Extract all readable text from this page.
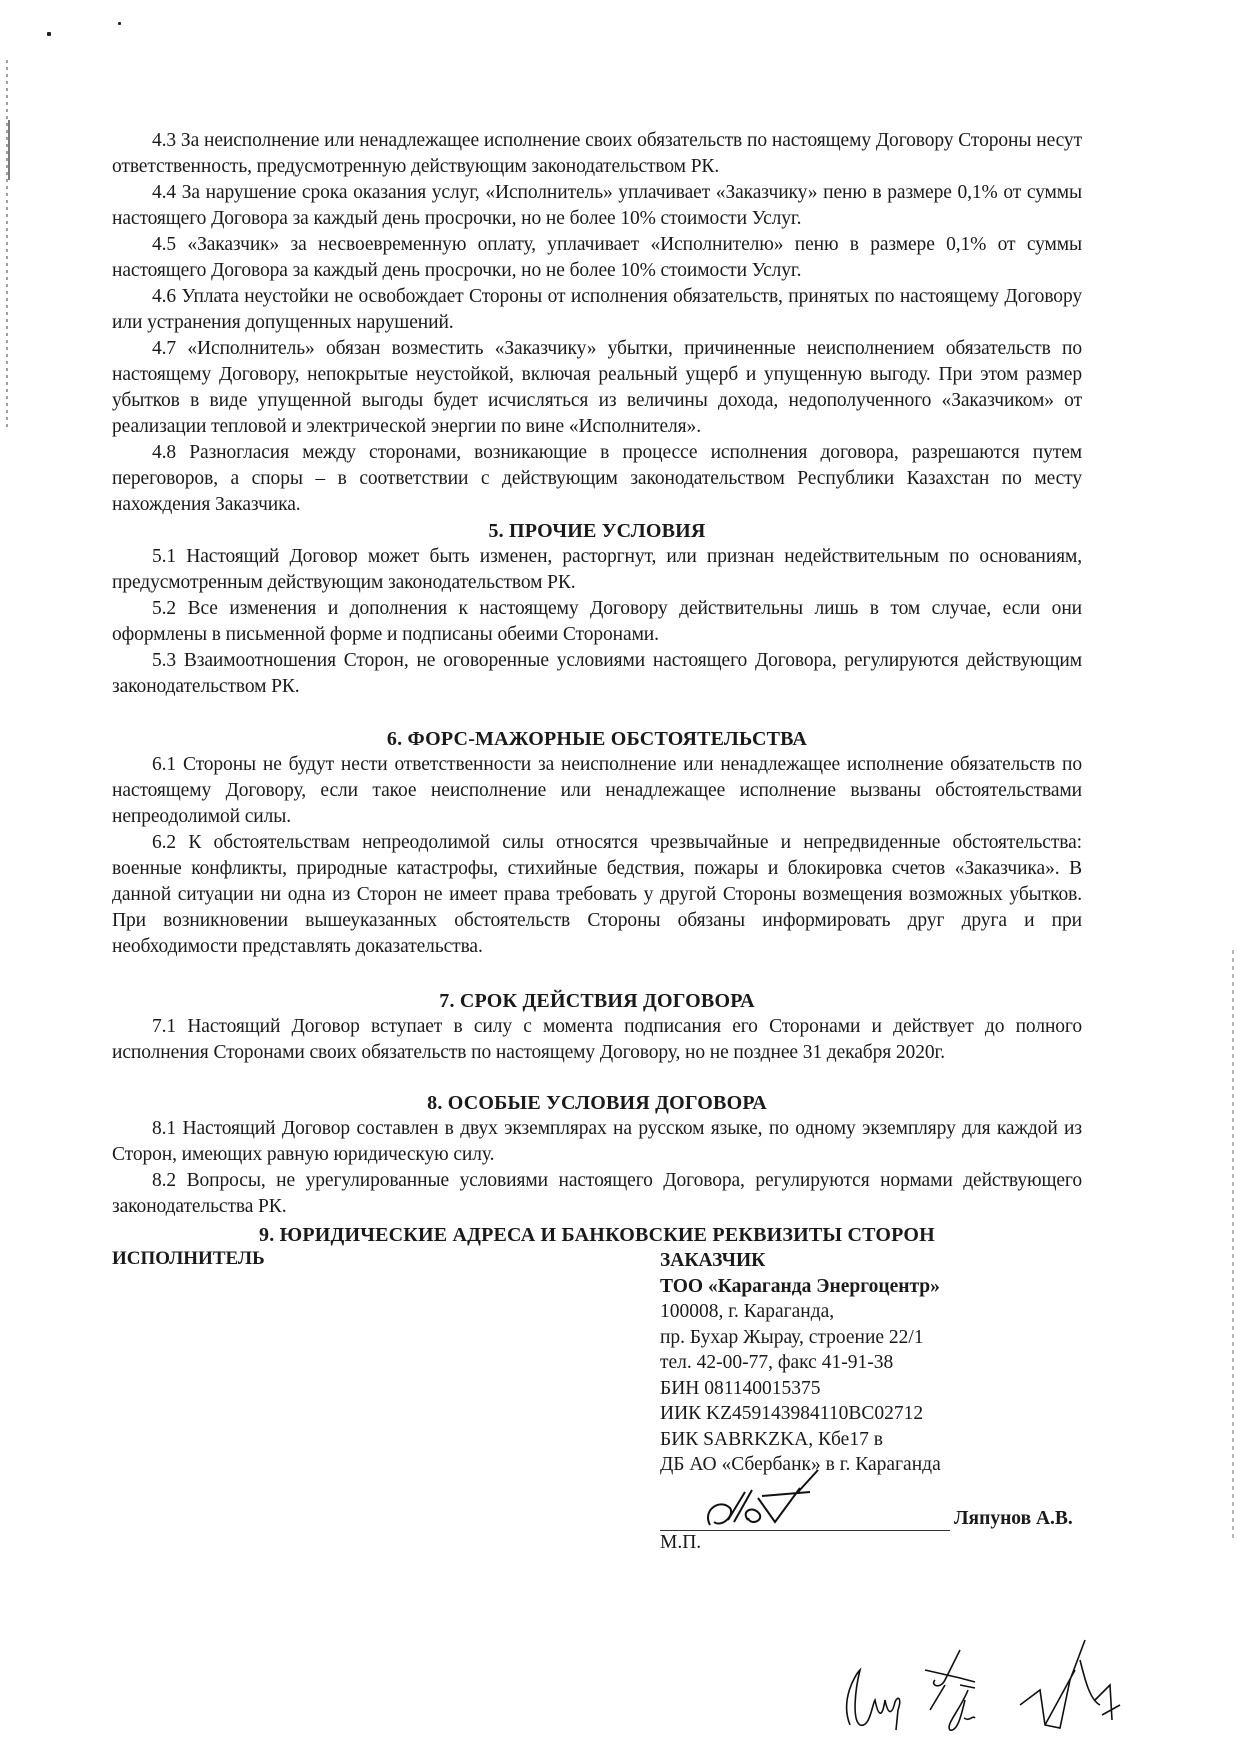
4.3 За неисполнение или ненадлежащее исполнение своих обязательств по настоящему Договору Стороны несут ответственность, предусмотренную действующим законодательством РК.

4.4 За нарушение срока оказания услуг, «Исполнитель» уплачивает «Заказчику» пеню в размере 0,1% от суммы настоящего Договора за каждый день просрочки, но не более 10% стоимости Услуг.

4.5 «Заказчик» за несвоевременную оплату, уплачивает «Исполнителю» пеню в размере 0,1% от суммы настоящего Договора за каждый день просрочки, но не более 10% стоимости Услуг.

4.6 Уплата неустойки не освобождает Стороны от исполнения обязательств, принятых по настоящему Договору или устранения допущенных нарушений.

4.7 «Исполнитель» обязан возместить «Заказчику» убытки, причиненные неисполнением обязательств по настоящему Договору, непокрытые неустойкой, включая реальный ущерб и упущенную выгоду. При этом размер убытков в виде упущенной выгоды будет исчисляться из величины дохода, недополученного «Заказчиком» от реализации тепловой и электрической энергии по вине «Исполнителя».

4.8 Разногласия между сторонами, возникающие в процессе исполнения договора, разрешаются путем переговоров, а споры – в соответствии с действующим законодательством Республики Казахстан по месту нахождения Заказчика.

5. ПРОЧИЕ УСЛОВИЯ

5.1 Настоящий Договор может быть изменен, расторгнут, или признан недействительным по основаниям, предусмотренным действующим законодательством РК.

5.2 Все изменения и дополнения к настоящему Договору действительны лишь в том случае, если они оформлены в письменной форме и подписаны обеими Сторонами.

5.3 Взаимоотношения Сторон, не оговоренные условиями настоящего Договора, регулируются действующим законодательством РК.

6. ФОРС-МАЖОРНЫЕ ОБСТОЯТЕЛЬСТВА

6.1 Стороны не будут нести ответственности за неисполнение или ненадлежащее исполнение обязательств по настоящему Договору, если такое неисполнение или ненадлежащее исполнение вызваны обстоятельствами непреодолимой силы.

6.2 К обстоятельствам непреодолимой силы относятся чрезвычайные и непредвиденные обстоятельства: военные конфликты, природные катастрофы, стихийные бедствия, пожары и блокировка счетов «Заказчика». В данной ситуации ни одна из Сторон не имеет права требовать у другой Стороны возмещения возможных убытков. При возникновении вышеуказанных обстоятельств Стороны обязаны информировать друг друга и при необходимости представлять доказательства.

7. СРОК ДЕЙСТВИЯ ДОГОВОРА

7.1 Настоящий Договор вступает в силу с момента подписания его Сторонами и действует до полного исполнения Сторонами своих обязательств по настоящему Договору, но не позднее 31 декабря 2020г.

8. ОСОБЫЕ УСЛОВИЯ ДОГОВОРА

8.1 Настоящий Договор составлен в двух экземплярах на русском языке, по одному экземпляру для каждой из Сторон, имеющих равную юридическую силу.

8.2 Вопросы, не урегулированные условиями настоящего Договора, регулируются нормами действующего законодательства РК.

9. ЮРИДИЧЕСКИЕ АДРЕСА И БАНКОВСКИЕ РЕКВИЗИТЫ СТОРОН
ИСПОЛНИТЕЛЬ	ЗАКАЗЧИК
ТОО «Караганда Энергоцентр»
100008, г. Караганда,
пр. Бухар Жырау, строение 22/1
тел. 42-00-77, факс 41-91-38
БИН 081140015375
ИИК KZ459143984110BC02712
БИК SABRKZKA, Кбе17 в
ДБ АО «Сбербанк» в г. Караганда
Ляпунов А.В.
М.П.
